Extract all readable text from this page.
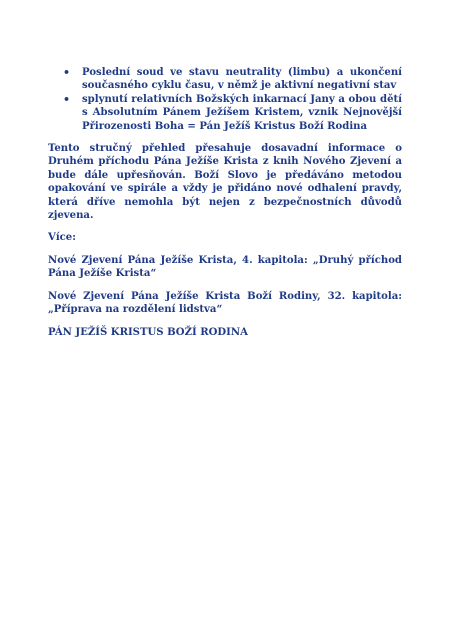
• Poslední soud ve stavu neutrality (limbu) a ukončení současného cyklu času, v němž je aktivní negativní stav
• splynutí relativních Božských inkarnací Jany a obou dětí s Absolutním Pánem Ježíšem Kristem, vznik Nejnovější Přirozenosti Boha = Pán Ježíš Kristus Boží Rodina

Tento stručný přehled přesahuje dosavadní informace o Druhém příchodu Pána Ježíše Krista z knih Nového Zjevení a bude dále upřesňován. Boží Slovo je předáváno metodou opakování ve spirále a vždy je přidáno nové odhalení pravdy, která dříve nemohla být nejen z bezpečnostních důvodů zjevena.

Více:

Nové Zjevení Pána Ježíše Krista, 4. kapitola: „Druhý příchod Pána Ježíše Krista“

Nové Zjevení Pána Ježíše Krista Boží Rodiny, 32. kapitola: „Příprava na rozdělení lidstva“

PÁN JEŽÍŠ KRISTUS BOŽÍ RODINA
